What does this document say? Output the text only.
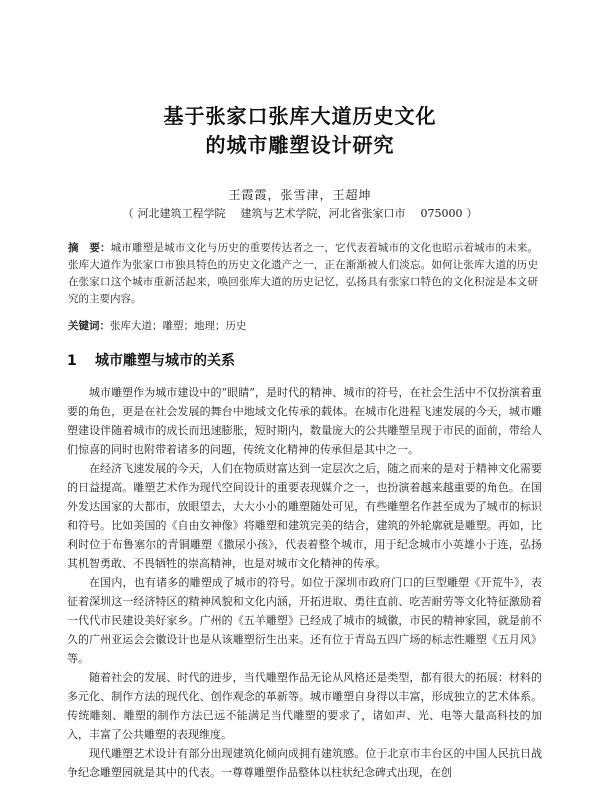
基于张家口张库大道历史文化
的城市雕塑设计研究
王霞霞，张雪津，王超坤
（ 河北建筑工程学院　 建筑与艺术学院，河北省张家口市　 075000 ）
摘　要：城市雕塑是城市文化与历史的重要传达者之一，它代表着城市的文化也昭示着城市的未来。张库大道作为张家口市独具特色的历史文化遗产之一，正在渐渐被人们淡忘。如何让张库大道的历史在张家口这个城市重新活起来，唤回张库大道的历史记忆，弘扬具有张家口特色的文化积淀是本文研究的主要内容。
关键词：张库大道；雕塑；地理；历史
1 城市雕塑与城市的关系

城市雕塑作为城市建设中的“眼睛”，是时代的精神、城市的符号，在社会生活中不仅扮演着重要的角色，更是在社会发展的舞台中地域文化传承的载体。在城市化进程飞速发展的今天，城市雕塑建设伴随着城市的成长而迅速膨胀，短时期内，数量庞大的公共雕塑呈现于市民的面前，带给人们惊喜的同时也附带着诸多的问题，传统文化精神的传承但是其中之一。

在经济飞速发展的今天，人们在物质财富达到一定层次之后，随之而来的是对于精神文化需要的日益提高。雕塑艺术作为现代空间设计的重要表现媒介之一，也扮演着越来越重要的角色。在国外发达国家的大都市，放眼望去，大大小小的雕塑随处可见，有些雕塑名作甚至成为了城市的标识和符号。比如美国的《自由女神像》将雕塑和建筑完美的结合，建筑的外轮廓就是雕塑。再如，比利时位于布鲁塞尔的青铜雕塑《撒尿小孩》，代表着整个城市，用于纪念城市小英雄小于连，弘扬其机智勇敢、不畏牺牲的崇高精神，也是对城市文化精神的传承。

在国内，也有诸多的雕塑成了城市的符号。如位于深圳市政府门口的巨型雕塑《开荒牛》，表征着深圳这一经济特区的精神风貌和文化内涵，开拓进取、勇往直前、吃苦耐劳等文化特征激励着一代代市民建设美好家乡。广州的《五羊雕塑》已经成了城市的城徽，市民的精神家园，就是前不久的广州亚运会会徽设计也是从该雕塑衍生出来。还有位于青岛五四广场的标志性雕塑《五月风》等。

随着社会的发展、时代的进步，当代雕塑作品无论从风格还是类型，都有很大的拓展：材料的多元化、制作方法的现代化、创作观念的革新等。城市雕塑自身得以丰富，形成独立的艺术体系。传统雕刻、雕塑的制作方法已远不能满足当代雕塑的要求了，诸如声、光、电等大量高科技的加入，丰富了公共雕塑的表现维度。

现代雕塑艺术设计有部分出现建筑化倾向成拥有建筑感。位于北京市丰台区的中国人民抗日战争纪念雕塑园就是其中的代表。一尊尊雕塑作品整体以柱状纪念碑式出现，在创
